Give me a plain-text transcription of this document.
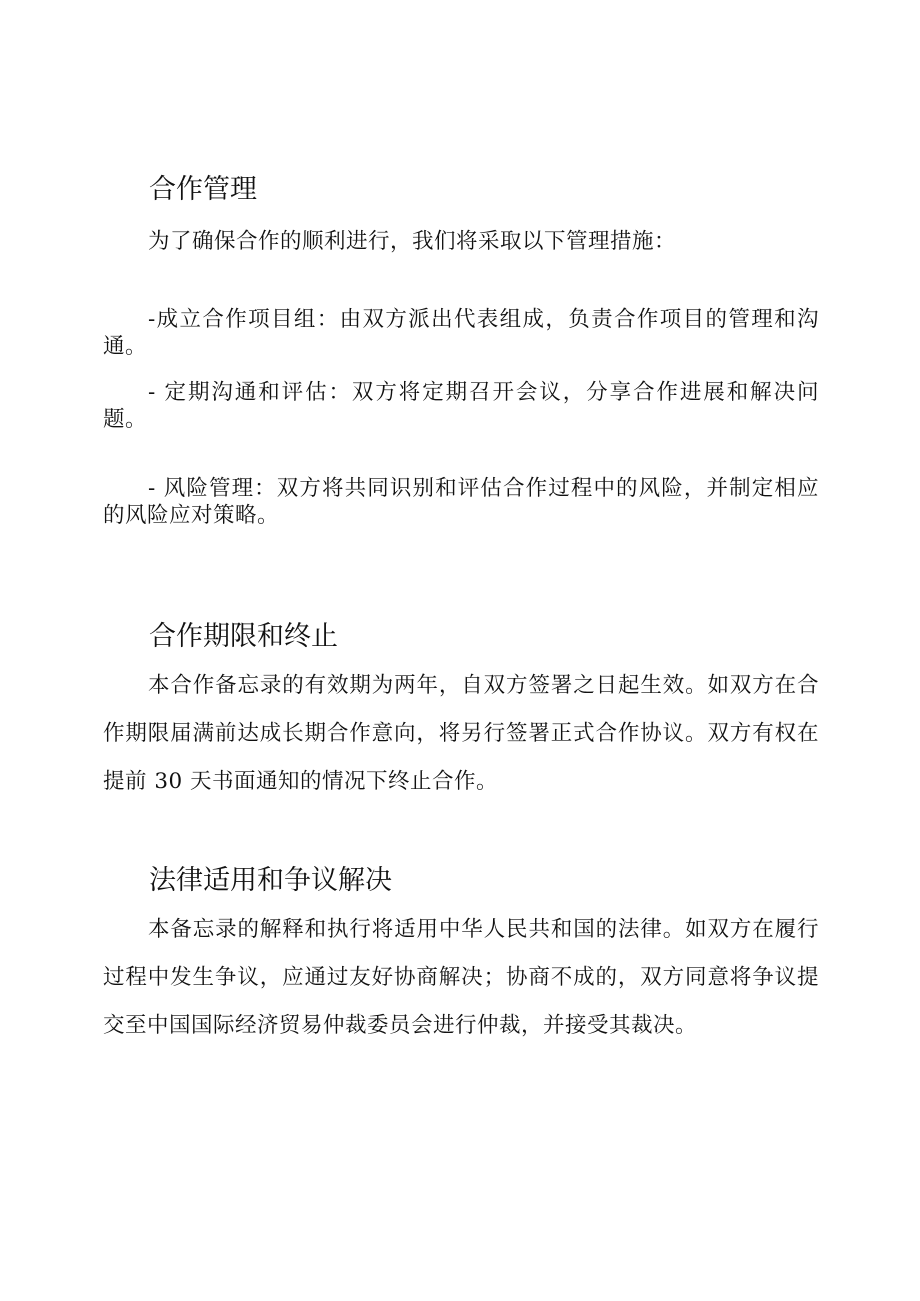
合作管理

为了确保合作的顺利进行，我们将采取以下管理措施：

-成立合作项目组：由双方派出代表组成，负责合作项目的管理和沟通。

- 定期沟通和评估：双方将定期召开会议，分享合作进展和解决问题。

- 风险管理：双方将共同识别和评估合作过程中的风险，并制定相应的风险应对策略。

合作期限和终止

本合作备忘录的有效期为两年，自双方签署之日起生效。如双方在合作期限届满前达成长期合作意向，将另行签署正式合作协议。双方有权在提前 30 天书面通知的情况下终止合作。

法律适用和争议解决

本备忘录的解释和执行将适用中华人民共和国的法律。如双方在履行过程中发生争议，应通过友好协商解决；协商不成的，双方同意将争议提交至中国国际经济贸易仲裁委员会进行仲裁，并接受其裁决。
